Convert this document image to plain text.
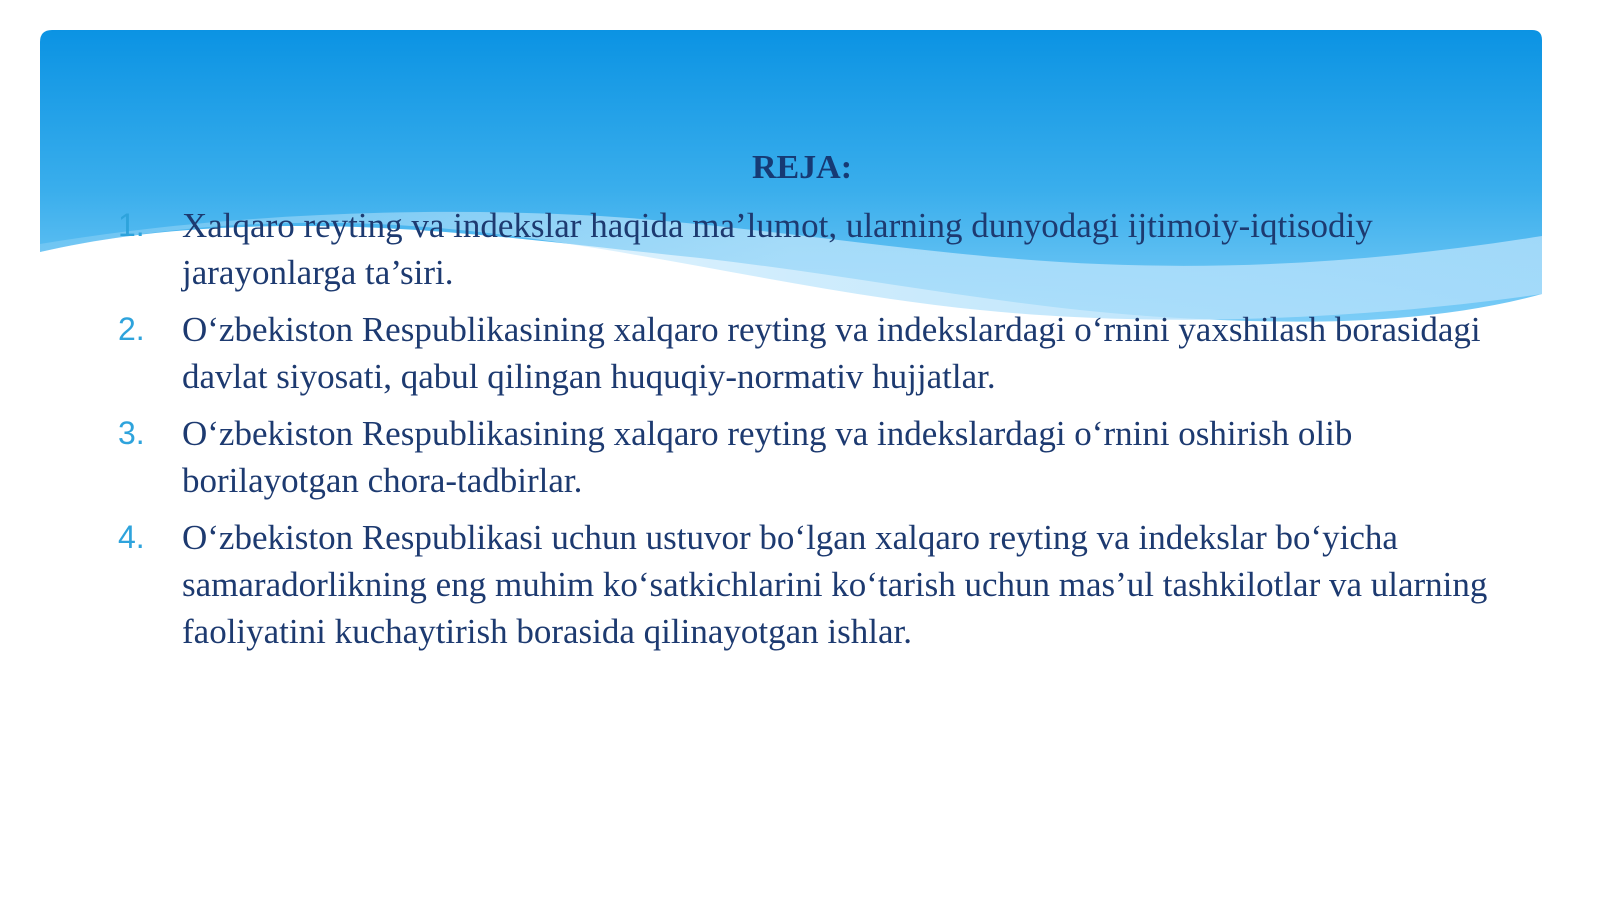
REJA:
1. Xalqaro reyting va indekslar haqida ma’lumot, ularning dunyodagi ijtimoiy-iqtisodiy jarayonlarga ta’siri.
2. O‘zbekiston Respublikasining xalqaro reyting va indekslardagi o‘rnini yaxshilash borasidagi davlat siyosati, qabul qilingan huquqiy-normativ hujjatlar.
3. O‘zbekiston Respublikasining xalqaro reyting va indekslardagi o‘rnini oshirish olib borilayotgan chora-tadbirlar.
4. O‘zbekiston Respublikasi uchun ustuvor bo‘lgan xalqaro reyting va indekslar bo‘yicha samaradorlikning eng muhim ko‘satkichlarini ko‘tarish uchun mas’ul tashkilotlar va ularning faoliyatini kuchaytirish borasida qilinayotgan ishlar.
